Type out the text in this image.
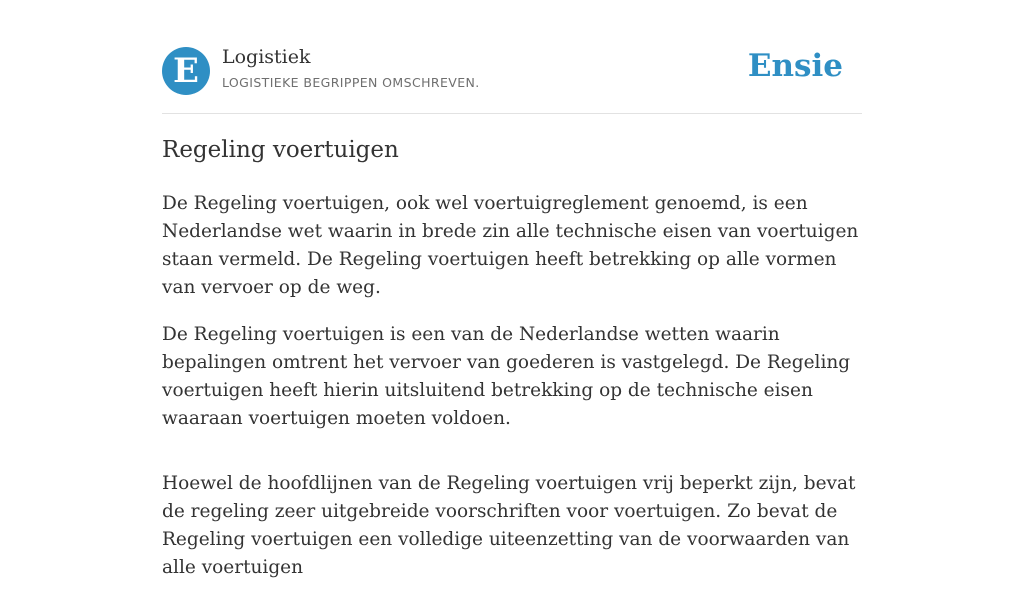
E	Logistiek
LOGISTIEKE BEGRIPPEN OMSCHREVEN.	Ensie
Regeling voertuigen

De Regeling voertuigen, ook wel voertuigreglement genoemd, is een Nederlandse wet waarin in brede zin alle technische eisen van voertuigen staan vermeld. De Regeling voertuigen heeft betrekking op alle vormen van vervoer op de weg.

De Regeling voertuigen is een van de Nederlandse wetten waarin bepalingen omtrent het vervoer van goederen is vastgelegd. De Regeling voertuigen heeft hierin uitsluitend betrekking op de technische eisen waaraan voertuigen moeten voldoen.

Hoewel de hoofdlijnen van de Regeling voertuigen vrij beperkt zijn, bevat de regeling zeer uitgebreide voorschriften voor voertuigen. Zo bevat de Regeling voertuigen een volledige uiteenzetting van de voorwaarden van alle voertuigen
